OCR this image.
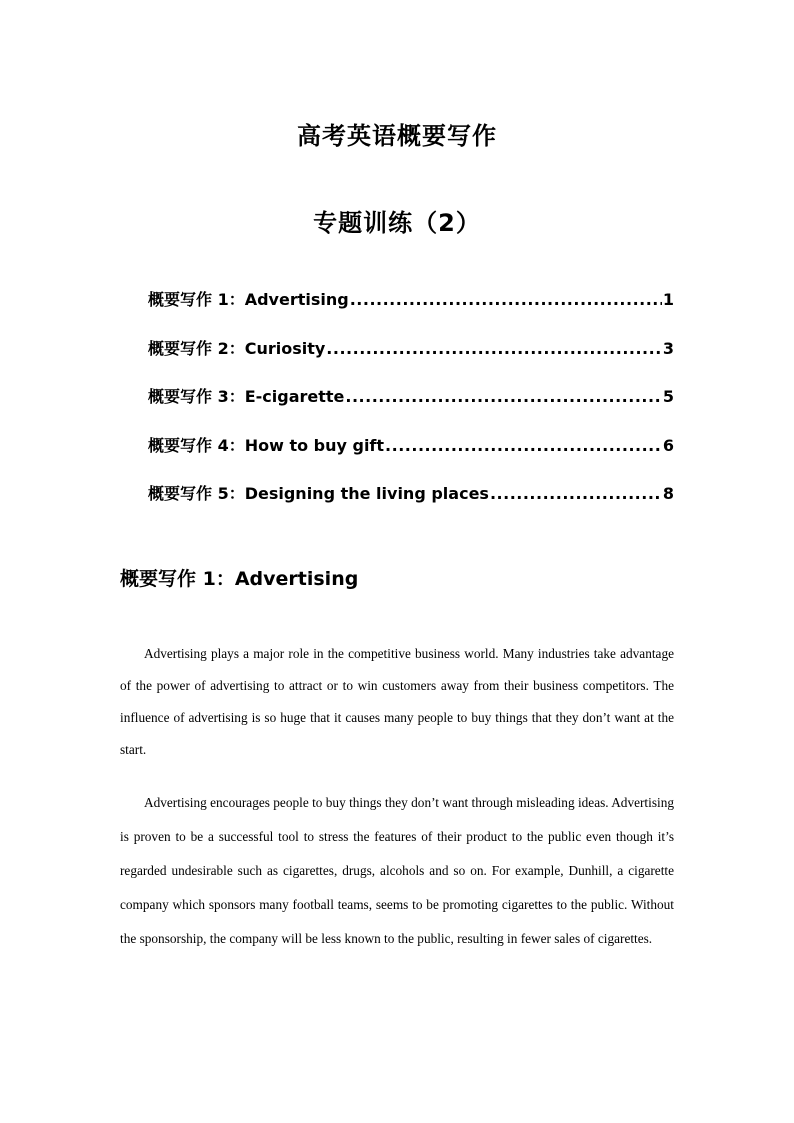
高考英语概要写作
专题训练（2）
概要写作 1：Advertising .....	1
概要写作 2：Curiosity .....	3
概要写作 3：E-cigarette .....	5
概要写作 4：How to buy gift .....	6
概要写作 5：Designing the living places .....	8
概要写作 1：Advertising

Advertising plays a major role in the competitive business world. Many industries take advantage of the power of advertising to attract or to win customers away from their business competitors. The influence of advertising is so huge that it causes many people to buy things that they don’t want at the start.

Advertising encourages people to buy things they don’t want through misleading ideas. Advertising is proven to be a successful tool to stress the features of their product to the public even though it’s regarded undesirable such as cigarettes, drugs, alcohols and so on. For example, Dunhill, a cigarette company which sponsors many football teams, seems to be promoting cigarettes to the public. Without the sponsorship, the company will be less known to the public, resulting in fewer sales of cigarettes.
